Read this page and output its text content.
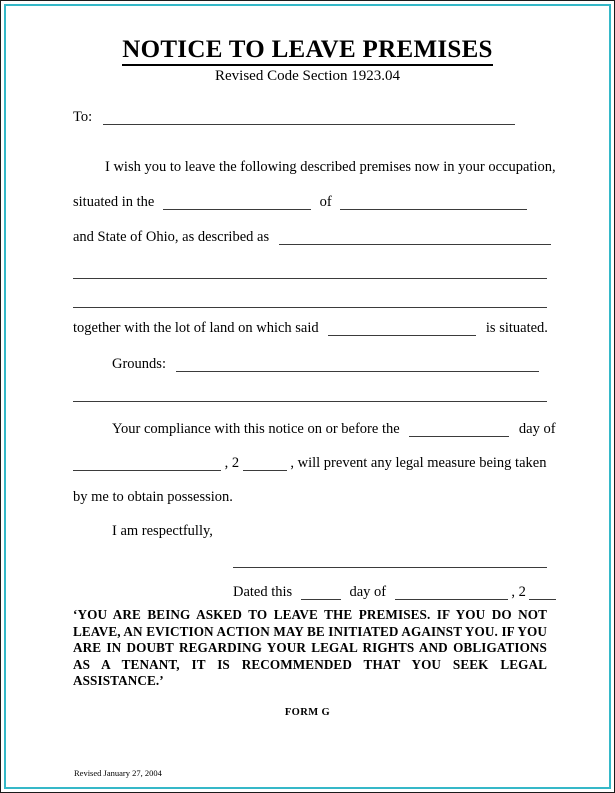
NOTICE TO LEAVE PREMISES
Revised Code Section 1923.04
To:
I wish you to leave the following described premises now in your occupation,
situated in the	of
and State of Ohio, as described as
together with the lot of land on which said	is situated.
Grounds:
Your compliance with this notice on or before the	day of
, 2	, will prevent any legal measure being taken
by me to obtain possession.
I am respectfully,
Dated this	day of	, 2
‘YOU ARE BEING ASKED TO LEAVE THE PREMISES. IF YOU DO NOT LEAVE, AN EVICTION ACTION MAY BE INITIATED AGAINST YOU. IF YOU ARE IN DOUBT REGARDING YOUR LEGAL RIGHTS AND OBLIGATIONS AS A TENANT, IT IS RECOMMENDED THAT YOU SEEK LEGAL ASSISTANCE.’
FORM G
Revised January 27, 2004
